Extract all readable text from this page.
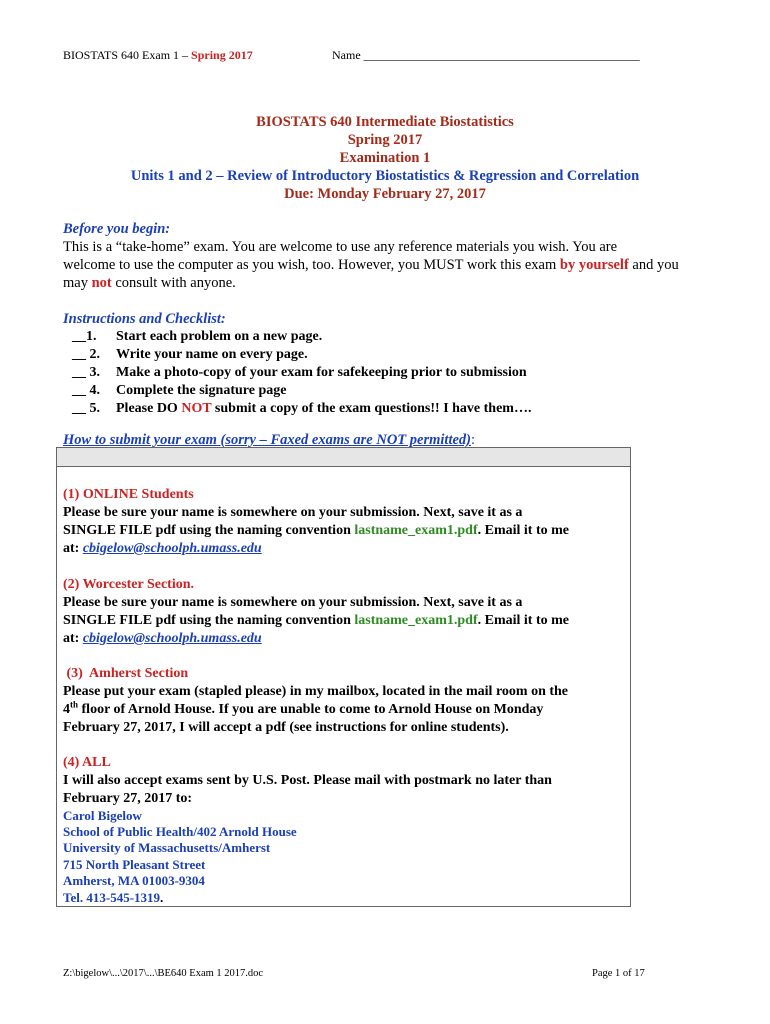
BIOSTATS 640 Exam 1 – Spring 2017	Name ______________________________________________
BIOSTATS 640 Intermediate Biostatistics
Spring 2017
Examination 1
Units 1 and 2 – Review of Introductory Biostatistics & Regression and Correlation
Due: Monday February 27, 2017
Before you begin:
This is a “take-home” exam. You are welcome to use any reference materials you wish. You are
welcome to use the computer as you wish, too. However, you MUST work this exam by yourself and you
may not consult with anyone.
Instructions and Checklist:
__1. Start each problem on a new page.
__ 2. Write your name on every page.
__ 3. Make a photo-copy of your exam for safekeeping prior to submission
__ 4. Complete the signature page
__ 5. Please DO NOT submit a copy of the exam questions!! I have them….
How to submit your exam (sorry – Faxed exams are NOT permitted):
(1) ONLINE Students
Please be sure your name is somewhere on your submission. Next, save it as a
SINGLE FILE pdf using the naming convention lastname_exam1.pdf. Email it to me
at: cbigelow@schoolph.umass.edu
(2) Worcester Section.
Please be sure your name is somewhere on your submission. Next, save it as a
SINGLE FILE pdf using the naming convention lastname_exam1.pdf. Email it to me
at: cbigelow@schoolph.umass.edu
(3)  Amherst Section
Please put your exam (stapled please) in my mailbox, located in the mail room on the
4th floor of Arnold House. If you are unable to come to Arnold House on Monday
February 27, 2017, I will accept a pdf (see instructions for online students).
(4) ALL
I will also accept exams sent by U.S. Post. Please mail with postmark no later than
February 27, 2017 to:
Carol Bigelow
School of Public Health/402 Arnold House
University of Massachusetts/Amherst
715 North Pleasant Street
Amherst, MA 01003-9304
Tel. 413-545-1319.
Z:\bigelow\...\2017\...\BE640 Exam 1 2017.doc	Page 1 of 17
